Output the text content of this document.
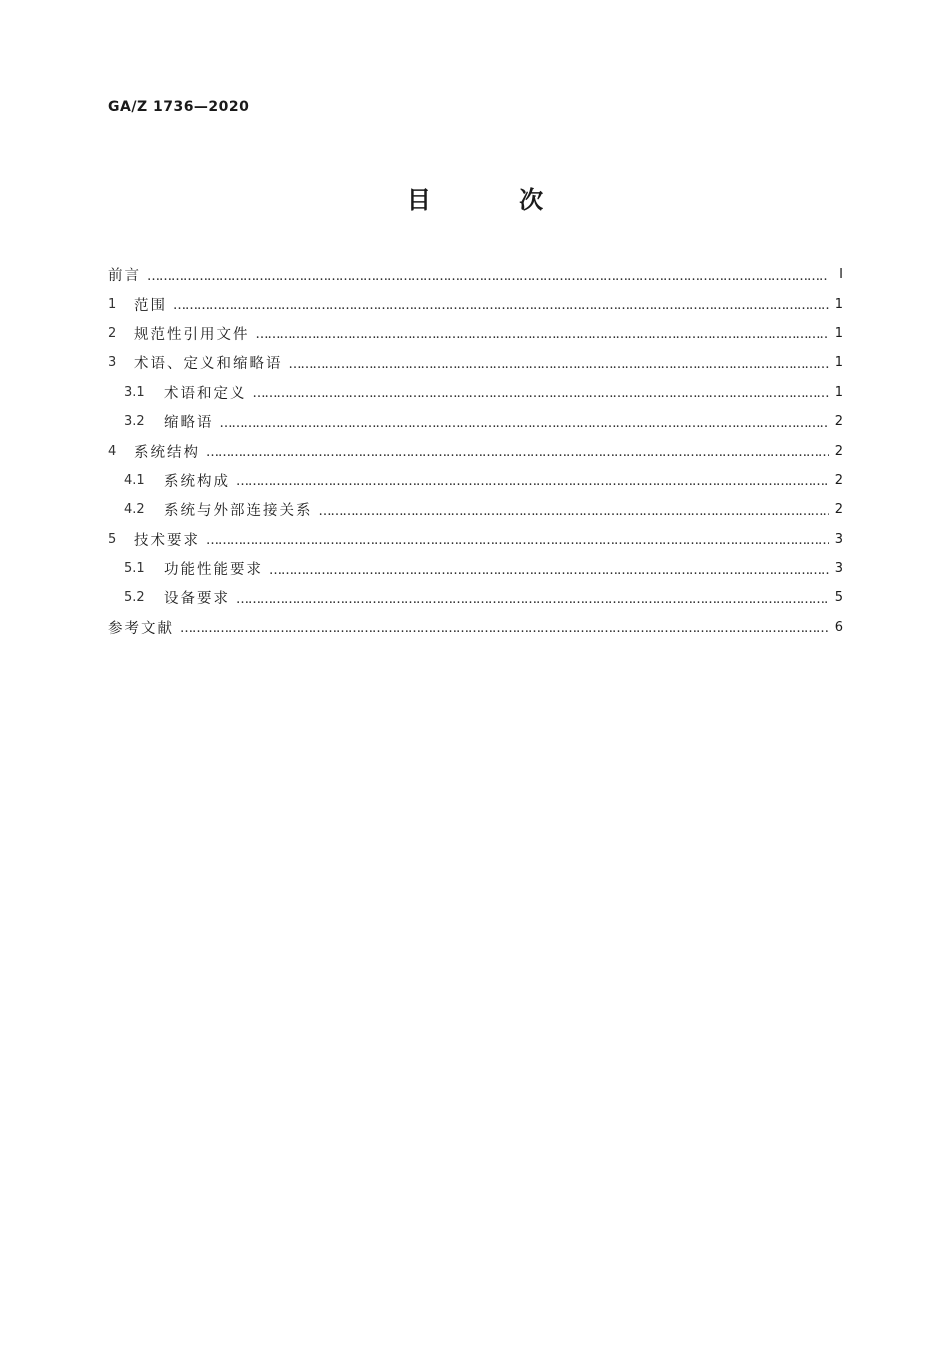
GA/Z 1736—2020
目 次
前言 ……………………………………………………………………………………………………………………………………………………………………………………………………………………………	Ⅰ
1	范围 ……………………………………………………………………………………………………………………………………………………………………………………………………………………………	1
2	规范性引用文件 ……………………………………………………………………………………………………………………………………………………………………………………………………………………………	1
3	术语、定义和缩略语 ……………………………………………………………………………………………………………………………………………………………………………………………………………………………	1
3.1	术语和定义 ……………………………………………………………………………………………………………………………………………………………………………………………………………………………	1
3.2	缩略语 ……………………………………………………………………………………………………………………………………………………………………………………………………………………………	2
4	系统结构 ……………………………………………………………………………………………………………………………………………………………………………………………………………………………	2
4.1	系统构成 ……………………………………………………………………………………………………………………………………………………………………………………………………………………………	2
4.2	系统与外部连接关系 ……………………………………………………………………………………………………………………………………………………………………………………………………………………………	2
5	技术要求 ……………………………………………………………………………………………………………………………………………………………………………………………………………………………	3
5.1	功能性能要求 ……………………………………………………………………………………………………………………………………………………………………………………………………………………………	3
5.2	设备要求 ……………………………………………………………………………………………………………………………………………………………………………………………………………………………	5
参考文献 ……………………………………………………………………………………………………………………………………………………………………………………………………………………………	6
